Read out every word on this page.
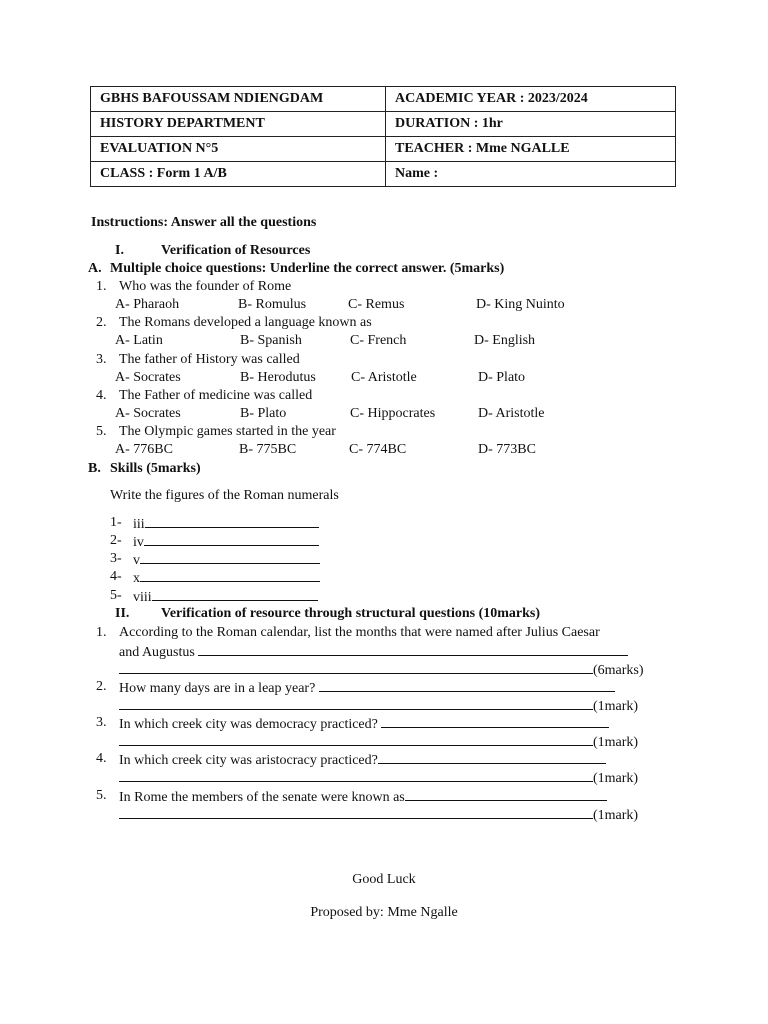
GBHS BAFOUSSAM NDIENGDAM	ACADEMIC YEAR : 2023/2024
HISTORY DEPARTMENT	DURATION : 1hr
EVALUATION N°5	TEACHER : Mme NGALLE
CLASS : Form 1 A/B	Name :
Instructions: Answer all the questions
I.	Verification of Resources
A. Multiple choice questions: Underline the correct answer. (5marks)
1. Who was the founder of Rome
A- Pharaoh	B- Romulus	C- Remus	D- King Nuinto
2. The Romans developed a language known as
A- Latin	B- Spanish	C- French	D- English
3. The father of History was called
A- Socrates	B- Herodutus	C- Aristotle	D- Plato
4. The Father of medicine was called
A- Socrates	B- Plato	C- Hippocrates	D- Aristotle
5. The Olympic games started in the year
A- 776BC	B- 775BC	C- 774BC	D- 773BC
B. Skills (5marks)
Write the figures of the Roman numerals
1- iii
2- iv
3- v
4- x
5- viii
II. Verification of resource through structural questions (10marks)
1. According to the Roman calendar, list the months that were named after Julius Caesar
and Augustus
(6marks)
2. How many days are in a leap year?
(1mark)
3. In which creek city was democracy practiced?
(1mark)
4. In which creek city was aristocracy practiced?
(1mark)
5. In Rome the members of the senate were known as
(1mark)
Good Luck
Proposed by: Mme Ngalle
